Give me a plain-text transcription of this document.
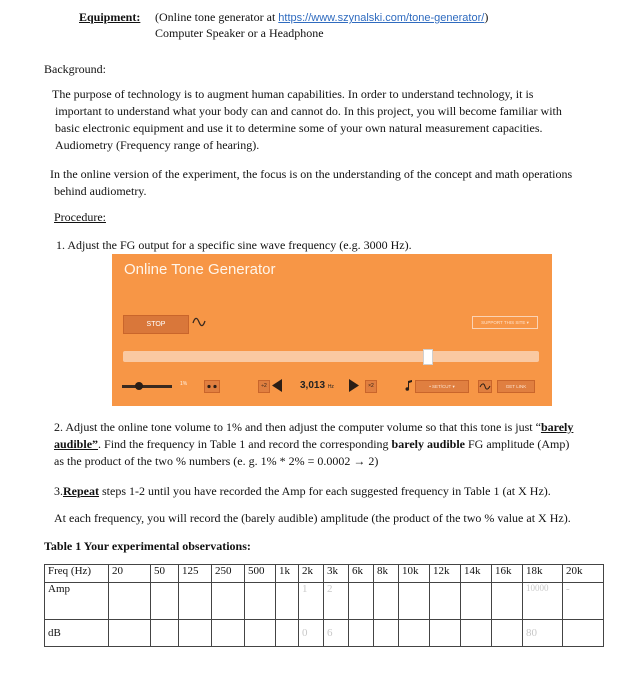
Equipment: (Online tone generator at https://www.szynalski.com/tone-generator/)
Computer Speaker or a Headphone
Background:
The purpose of technology is to augment human capabilities. In order to understand technology, it is
important to understand what your body can and cannot do. In this project, you will become familiar with
basic electronic equipment and use it to determine some of your own natural measurement capacities.
Audiometry (Frequency range of hearing).
In the online version of the experiment, the focus is on the understanding of the concept and math operations
behind audiometry.
Procedure:
1. Adjust the FG output for a specific sine wave frequency (e.g. 3000 Hz).
Online Tone Generator
STOP	SUPPORT THIS SITE ▾
1%	÷2	3,013 Hz	×2	• SET/CUT ▾	GET LINK
2. Adjust the online tone volume to 1% and then adjust the computer volume so that this tone is just “barely
audible”. Find the frequency in Table 1 and record the corresponding barely audible FG amplitude (Amp)
as the product of the two % numbers (e. g. 1% * 2% = 0.0002 → 2)
3.Repeat steps 1-2 until you have recorded the Amp for each suggested frequency in Table 1 (at X Hz).
At each frequency, you will record the (barely audible) amplitude (the product of the two % value at X Hz).
Table 1 Your experimental observations:
Freq (Hz)	20	50	125	250	500	1k	2k	3k	6k	8k	10k	12k	14k	16k	18k	20k
Amp							1	2							10000	-
dB							0	6							80	
